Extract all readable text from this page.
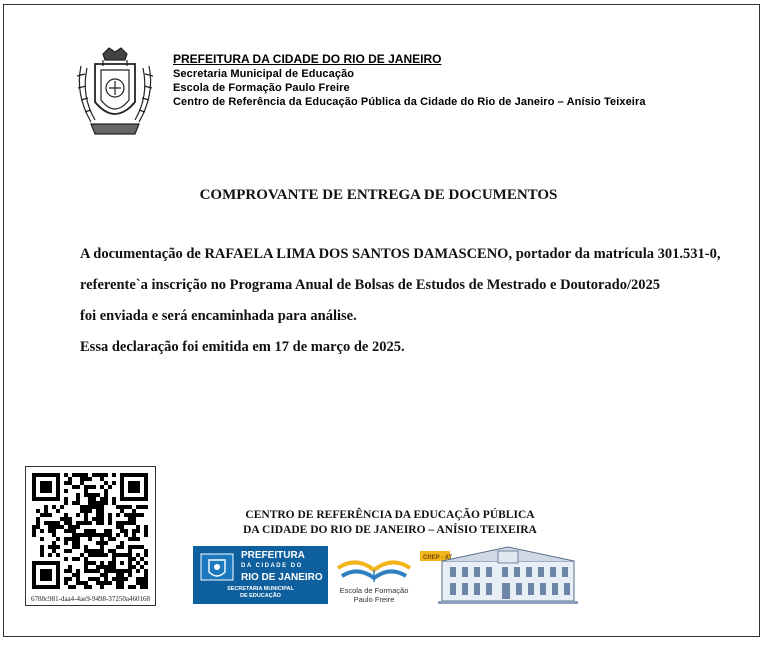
PREFEITURA DA CIDADE DO RIO DE JANEIRO
Secretaria Municipal de Educação
Escola de Formação Paulo Freire
Centro de Referência da Educação Pública da Cidade do Rio de Janeiro – Anísio Teixeira
COMPROVANTE DE ENTREGA DE DOCUMENTOS

A documentação de RAFAELA LIMA DOS SANTOS DAMASCENO, portador da matrícula 301.531-0,

referente`a inscrição no Programa Anual de Bolsas de Estudos de Mestrado e Doutorado/2025

foi enviada e será encaminhada para análise.

Essa declaração foi emitida em 17 de março de 2025.

6788c981-daa4-4ae9-9498-37250a460168
CENTRO DE REFERÊNCIA DA EDUCAÇÃO PÚBLICA
DA CIDADE DO RIO DE JANEIRO – ANÍSIO TEIXEIRA
PREFEITURA
DA CIDADE DO
RIO DE JANEIRO
SECRETARIA MUNICIPAL
DE EDUCAÇÃO
Escola de Formação
Paulo Freire
CREP - AT
